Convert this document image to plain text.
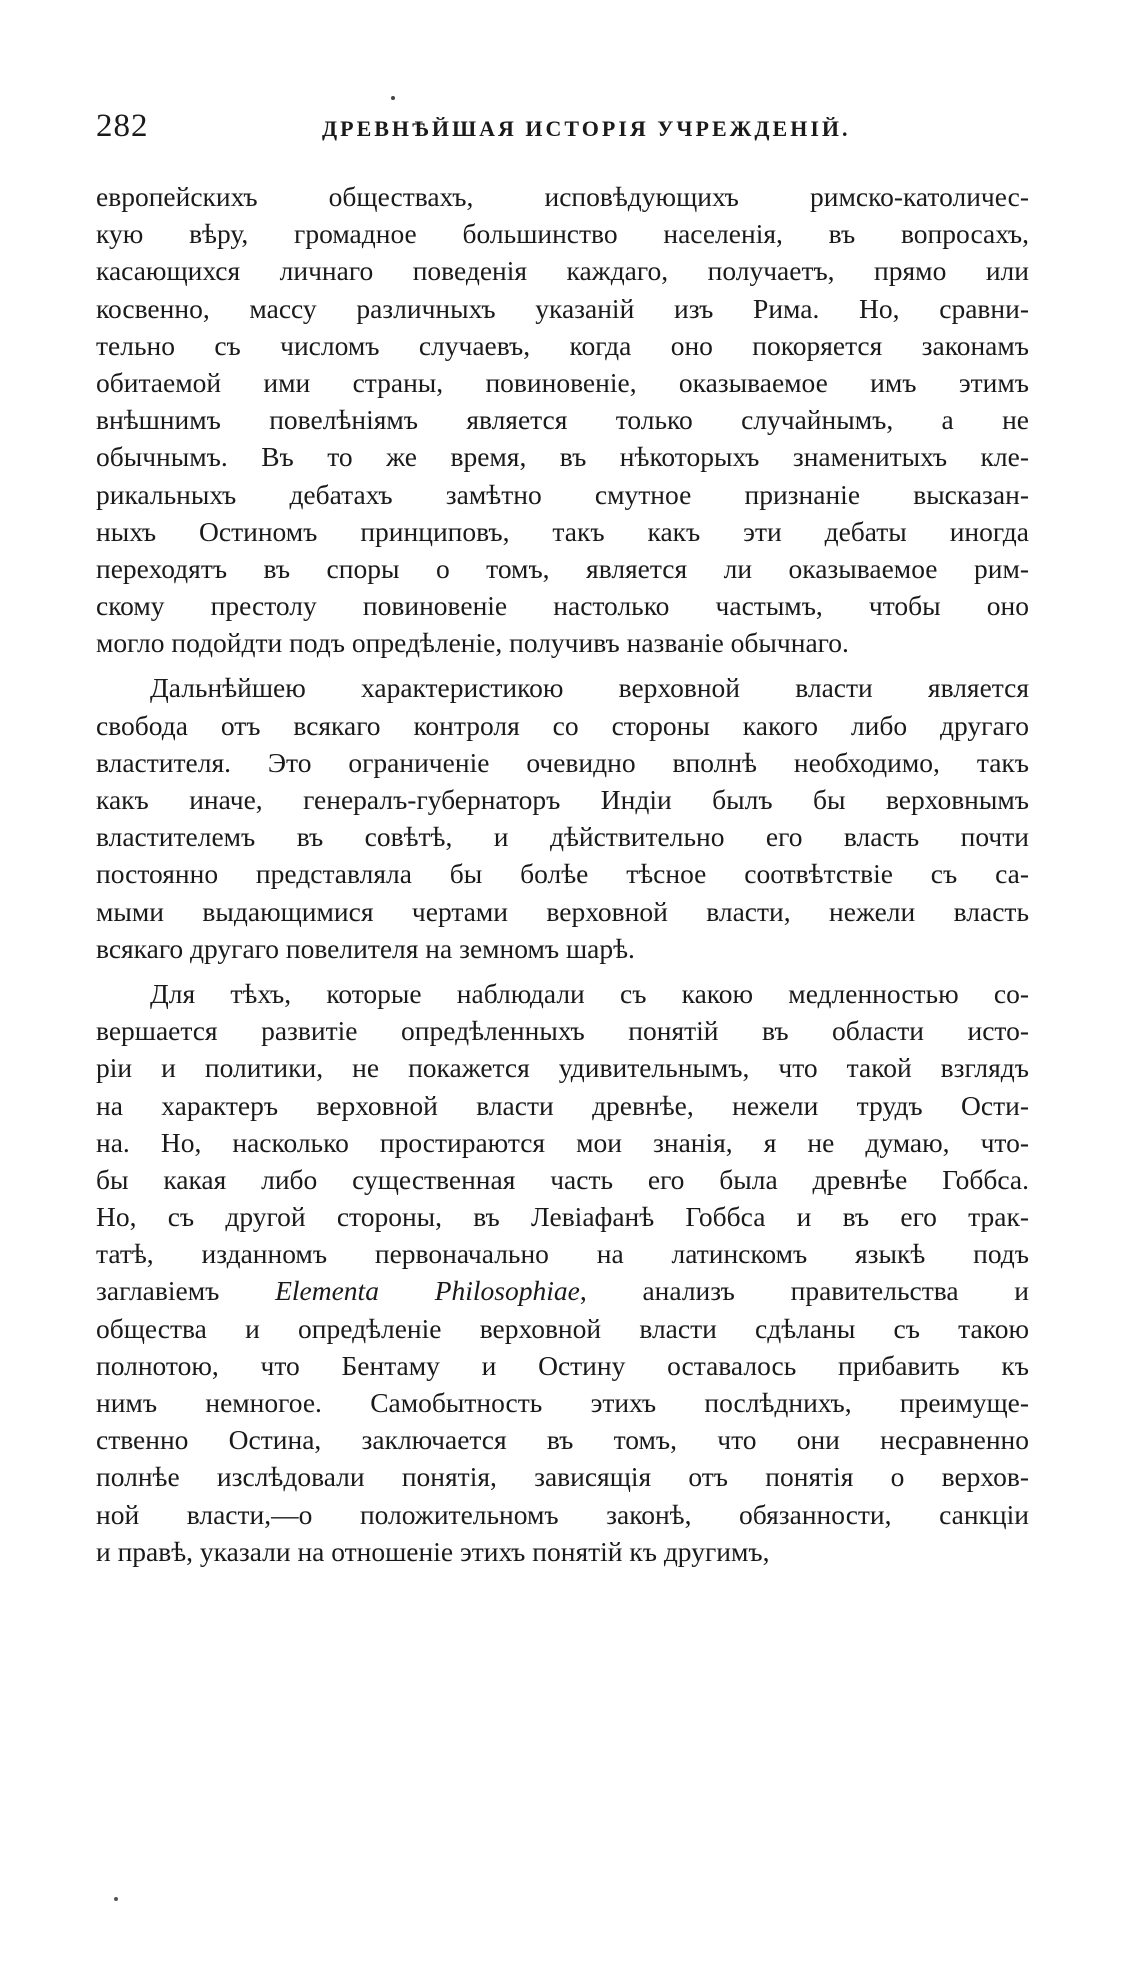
282	ДРЕВНѢЙШАЯ ИСТОРІЯ УЧРЕЖДЕНІЙ.
европейскихъ обществахъ, исповѣдующихъ римско-католичес-
кую вѣру, громадное большинство населенія, въ вопросахъ,
касающихся личнаго поведенія каждаго, получаетъ, прямо или
косвенно, массу различныхъ указаній изъ Рима. Но, сравни-
тельно съ числомъ случаевъ, когда оно покоряется законамъ
обитаемой ими страны, повиновеніе, оказываемое имъ этимъ
внѣшнимъ повелѣніямъ является только случайнымъ, а не
обычнымъ. Въ то же время, въ нѣкоторыхъ знаменитыхъ кле-
рикальныхъ дебатахъ замѣтно смутное признаніе высказан-
ныхъ Остиномъ принциповъ, такъ какъ эти дебаты иногда
переходятъ въ споры о томъ, является ли оказываемое рим-
скому престолу повиновеніе настолько частымъ, чтобы оно
могло подойдти подъ опредѣленіе, получивъ названіе обычнаго.
Дальнѣйшею характеристикою верховной власти является
свобода отъ всякаго контроля со стороны какого либо другаго
властителя. Это ограниченіе очевидно вполнѣ необходимо, такъ
какъ иначе, генералъ-губернаторъ Индіи былъ бы верховнымъ
властителемъ въ совѣтѣ, и дѣйствительно его власть почти
постоянно представляла бы болѣе тѣсное соотвѣтствіе съ са-
мыми выдающимися чертами верховной власти, нежели власть
всякаго другаго повелителя на земномъ шарѣ.
Для тѣхъ, которые наблюдали съ какою медленностью со-
вершается развитіе опредѣленныхъ понятій въ области исто-
ріи и политики, не покажется удивительнымъ, что такой взглядъ
на характеръ верховной власти древнѣе, нежели трудъ Ости-
на. Но, насколько простираются мои знанія, я не думаю, что-
бы какая либо существенная часть его была древнѣе Гоббса.
Но, съ другой стороны, въ Левіафанѣ Гоббса и въ его трак-
татѣ, изданномъ первоначально на латинскомъ языкѣ подъ
заглавіемъ Elementa Philosophiae, анализъ правительства и
общества и опредѣленіе верховной власти сдѣланы съ такою
полнотою, что Бентаму и Остину оставалось прибавить къ
нимъ немногое. Самобытность этихъ послѣднихъ, преимуще-
ственно Остина, заключается въ томъ, что они несравненно
полнѣе изслѣдовали понятія, зависящія отъ понятія о верхов-
ной власти,—о положительномъ законѣ, обязанности, санкціи
и правѣ, указали на отношеніе этихъ понятій къ другимъ,
